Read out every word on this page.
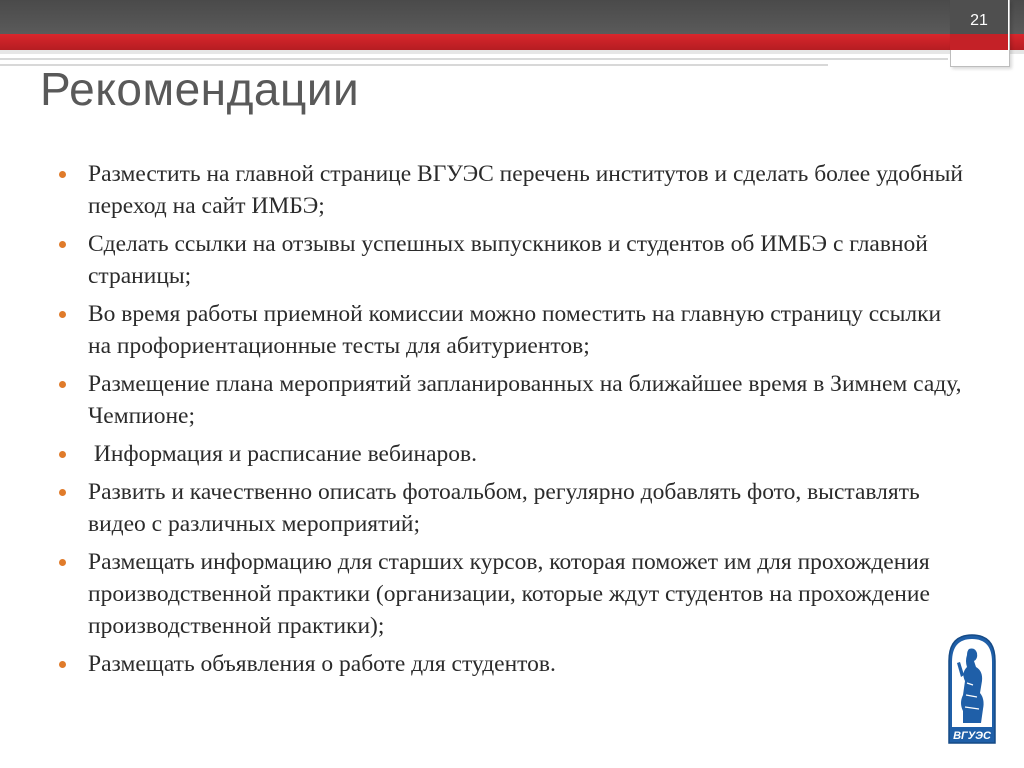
21
Рекомендации
Разместить на главной странице ВГУЭС перечень институтов и сделать более удобный переход на сайт ИМБЭ;
Сделать ссылки на отзывы успешных выпускников и студентов об ИМБЭ с главной страницы;
Во время работы приемной комиссии можно поместить на главную страницу ссылки на профориентационные тесты для абитуриентов;
Размещение плана мероприятий запланированных на ближайшее время в Зимнем саду, Чемпионе;
Информация и расписание вебинаров.
Развить и качественно описать фотоальбом, регулярно добавлять фото, выставлять видео с различных мероприятий;
Размещать информацию для старших курсов, которая поможет им для прохождения производственной практики (организации, которые ждут студентов на прохождение производственной практики);
Размещать объявления о работе для студентов.
ВГУЭС
